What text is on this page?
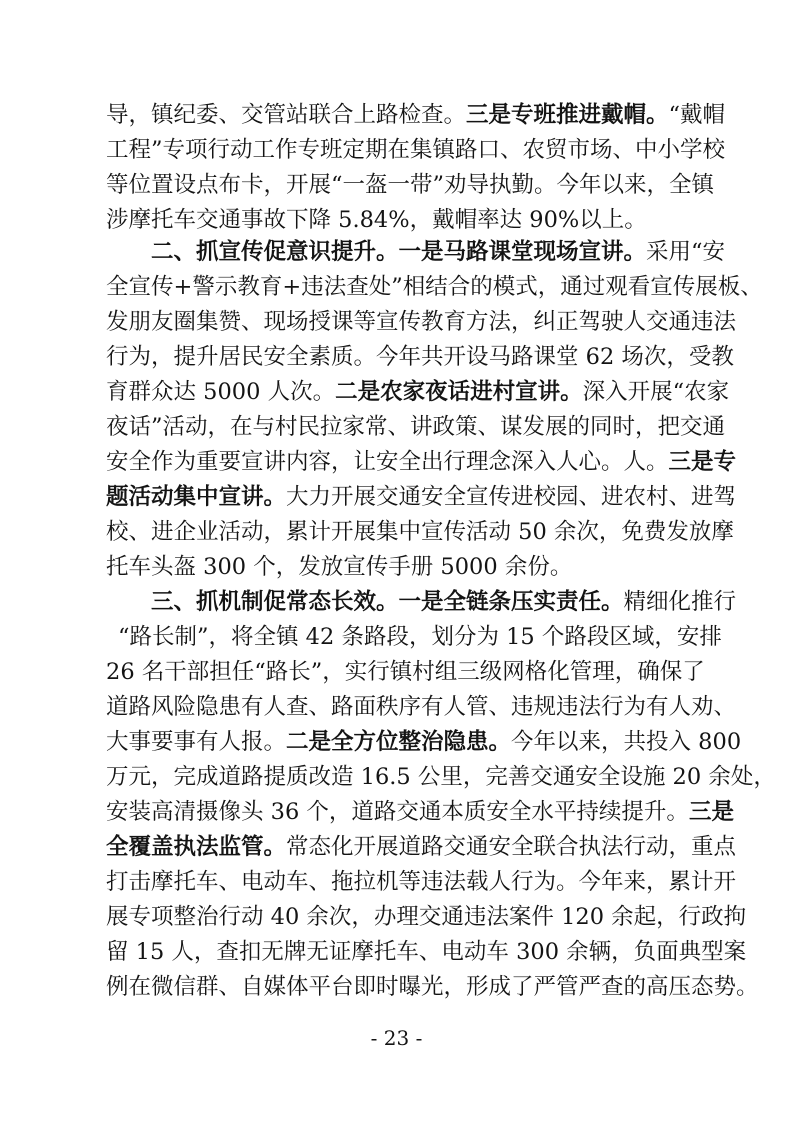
导，镇纪委、交管站联合上路检查。三是专班推进戴帽。“戴帽
工程”专项行动工作专班定期在集镇路口、农贸市场、中小学校
等位置设点布卡，开展“一盔一带”劝导执勤。今年以来，全镇
涉摩托车交通事故下降 5.84%，戴帽率达 90%以上。
二、抓宣传促意识提升。一是马路课堂现场宣讲。采用“安
全宣传+警示教育+违法查处”相结合的模式，通过观看宣传展板、
发朋友圈集赞、现场授课等宣传教育方法，纠正驾驶人交通违法
行为，提升居民安全素质。今年共开设马路课堂 62 场次，受教
育群众达 5000 人次。二是农家夜话进村宣讲。深入开展“农家
夜话”活动，在与村民拉家常、讲政策、谋发展的同时，把交通
安全作为重要宣讲内容，让安全出行理念深入人心。人。三是专
题活动集中宣讲。大力开展交通安全宣传进校园、进农村、进驾
校、进企业活动，累计开展集中宣传活动 50 余次，免费发放摩
托车头盔 300 个，发放宣传手册 5000 余份。
三、抓机制促常态长效。一是全链条压实责任。精细化推行
“路长制”，将全镇 42 条路段，划分为 15 个路段区域，安排
26 名干部担任“路长”，实行镇村组三级网格化管理，确保了
道路风险隐患有人查、路面秩序有人管、违规违法行为有人劝、
大事要事有人报。二是全方位整治隐患。今年以来，共投入 800
万元，完成道路提质改造 16.5 公里，完善交通安全设施 20 余处，
安装高清摄像头 36 个，道路交通本质安全水平持续提升。三是
全覆盖执法监管。常态化开展道路交通安全联合执法行动，重点
打击摩托车、电动车、拖拉机等违法载人行为。今年来，累计开
展专项整治行动 40 余次，办理交通违法案件 120 余起，行政拘
留 15 人，查扣无牌无证摩托车、电动车 300 余辆，负面典型案
例在微信群、自媒体平台即时曝光，形成了严管严查的高压态势。
- 23 -
